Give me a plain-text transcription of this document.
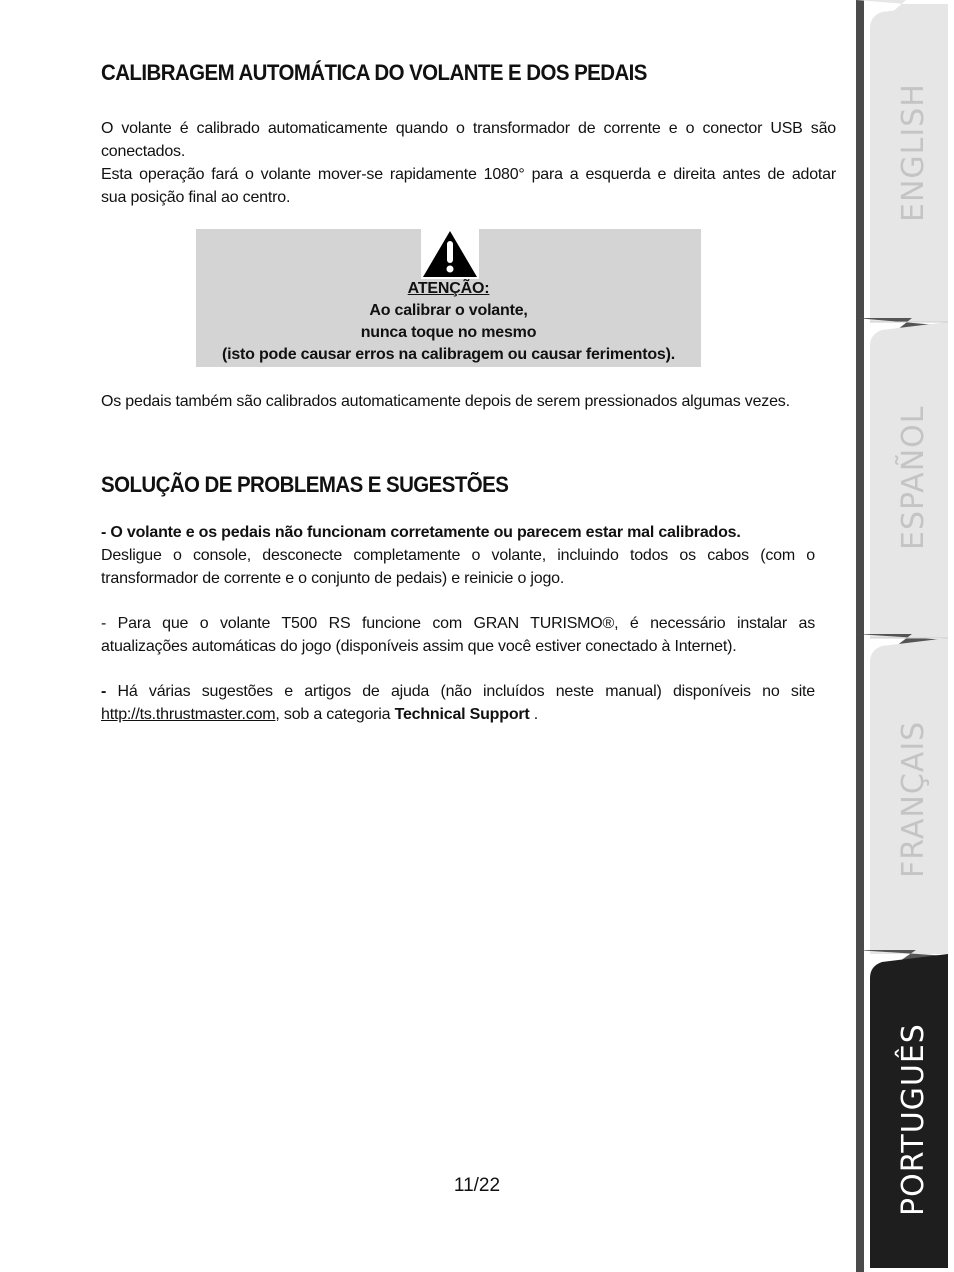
CALIBRAGEM AUTOMÁTICA DO VOLANTE E DOS PEDAIS
O volante é calibrado automaticamente quando o transformador de corrente e o conector USB são
conectados.
Esta operação fará o volante mover-se rapidamente 1080° para a esquerda e direita antes de adotar
sua posição final ao centro.
ATENÇÃO:
Ao calibrar o volante,
nunca toque no mesmo
(isto pode causar erros na calibragem ou causar ferimentos).
Os pedais também são calibrados automaticamente depois de serem pressionados algumas vezes.
SOLUÇÃO DE PROBLEMAS E SUGESTÕES
- O volante e os pedais não funcionam corretamente ou parecem estar mal calibrados.
Desligue o console, desconecte completamente o volante, incluindo todos os cabos (com o
transformador de corrente e o conjunto de pedais) e reinicie o jogo.
- Para que o volante T500 RS funcione com GRAN TURISMO®, é necessário instalar as
atualizações automáticas do jogo (disponíveis assim que você estiver conectado à Internet).
- Há várias sugestões e artigos de ajuda (não incluídos neste manual) disponíveis no site
http://ts.thrustmaster.com, sob a categoria Technical Support .
11/22
ENGLISH
ESPAÑOL
FRANÇAIS
PORTUGUÊS
